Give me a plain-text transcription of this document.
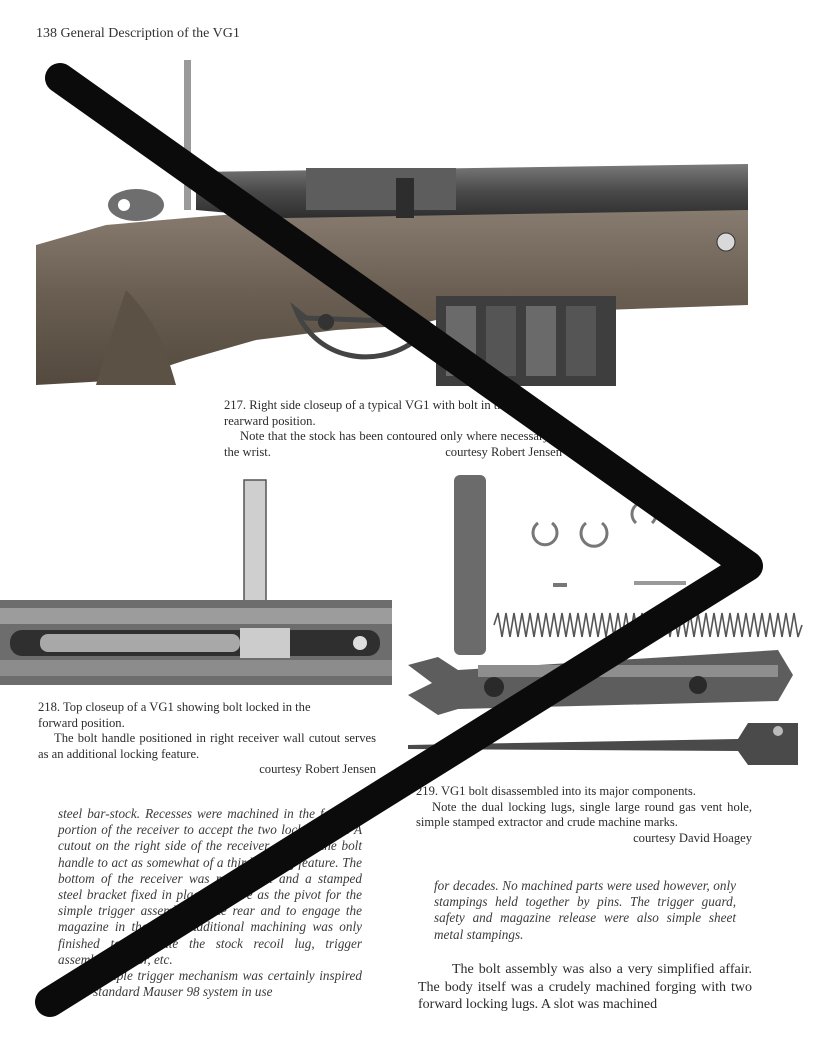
138 General Description of the VG1

217. Right side closeup of a typical VG1 with bolt in the

rearward position.

Note that the stock has been contoured only where necessary at the wrist.	courtesy Robert Jensen

218. Top closeup of a VG1 showing bolt locked in the

forward position.

The bolt handle positioned in right receiver wall cutout serves as an additional locking feature.

courtesy Robert Jensen

219. VG1 bolt disassembled into its major components.

Note the dual locking lugs, single large round gas vent hole, simple stamped extractor and crude machine marks.

courtesy David Hoagey

steel bar-stock. Recesses were machined in the forward portion of the receiver to accept the two locking lugs. A cutout on the right side of the receiver allowed the bolt handle to act as somewhat of a third locking feature. The bottom of the receiver was milled flat and a stamped steel bracket fixed in place to serve as the pivot for the simple trigger assembly in the rear and to engage the magazine in the front. Additional machining was only finished to facilitate the stock recoil lug, trigger assembly, ejector, etc.

The simple trigger mechanism was certainly inspired by the standard Mauser 98 system in use

for decades. No machined parts were used however, only stampings held together by pins. The trigger guard, safety and magazine release were also simple sheet metal stampings.

The bolt assembly was also a very simplified affair. The body itself was a crudely machined forging with two forward locking lugs. A slot was machined
